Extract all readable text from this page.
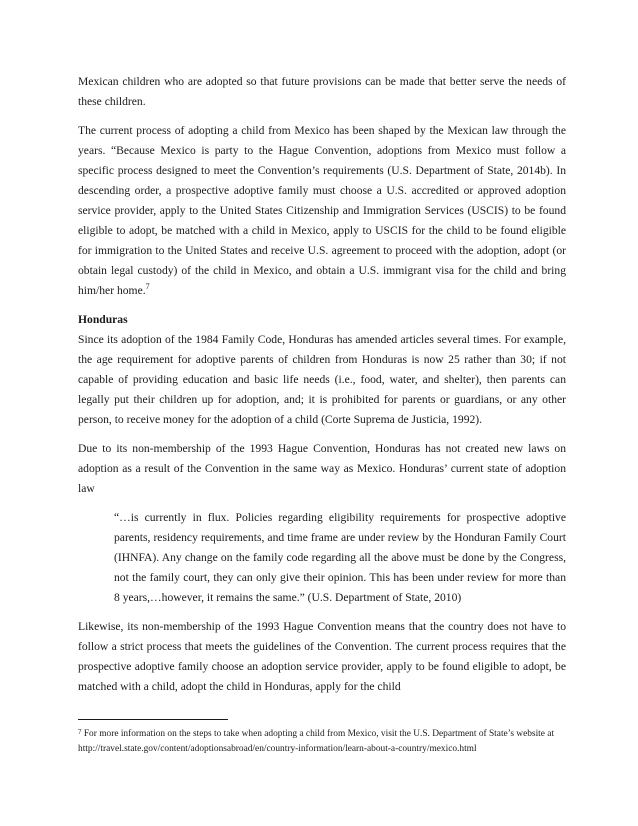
Mexican children who are adopted so that future provisions can be made that better serve the needs of these children.

The current process of adopting a child from Mexico has been shaped by the Mexican law through the years. “Because Mexico is party to the Hague Convention, adoptions from Mexico must follow a specific process designed to meet the Convention’s requirements (U.S. Department of State, 2014b). In descending order, a prospective adoptive family must choose a U.S. accredited or approved adoption service provider, apply to the United States Citizenship and Immigration Services (USCIS) to be found eligible to adopt, be matched with a child in Mexico, apply to USCIS for the child to be found eligible for immigration to the United States and receive U.S. agreement to proceed with the adoption, adopt (or obtain legal custody) of the child in Mexico, and obtain a U.S. immigrant visa for the child and bring him/her home.$^7$

Honduras

Since its adoption of the 1984 Family Code, Honduras has amended articles several times. For example, the age requirement for adoptive parents of children from Honduras is now 25 rather than 30; if not capable of providing education and basic life needs (i.e., food, water, and shelter), then parents can legally put their children up for adoption, and; it is prohibited for parents or guardians, or any other person, to receive money for the adoption of a child (Corte Suprema de Justicia, 1992).

Due to its non-membership of the 1993 Hague Convention, Honduras has not created new laws on adoption as a result of the Convention in the same way as Mexico. Honduras’ current state of adoption law

“…is currently in flux. Policies regarding eligibility requirements for prospective adoptive parents, residency requirements, and time frame are under review by the Honduran Family Court (IHNFA). Any change on the family code regarding all the above must be done by the Congress, not the family court, they can only give their opinion. This has been under review for more than 8 years,…however, it remains the same.” (U.S. Department of State, 2010)

Likewise, its non-membership of the 1993 Hague Convention means that the country does not have to follow a strict process that meets the guidelines of the Convention. The current process requires that the prospective adoptive family choose an adoption service provider, apply to be found eligible to adopt, be matched with a child, adopt the child in Honduras, apply for the child

$^7$ For more information on the steps to take when adopting a child from Mexico, visit the U.S. Department of State’s website at http://travel.state.gov/content/adoptionsabroad/en/country-information/learn-about-a-country/mexico.html
